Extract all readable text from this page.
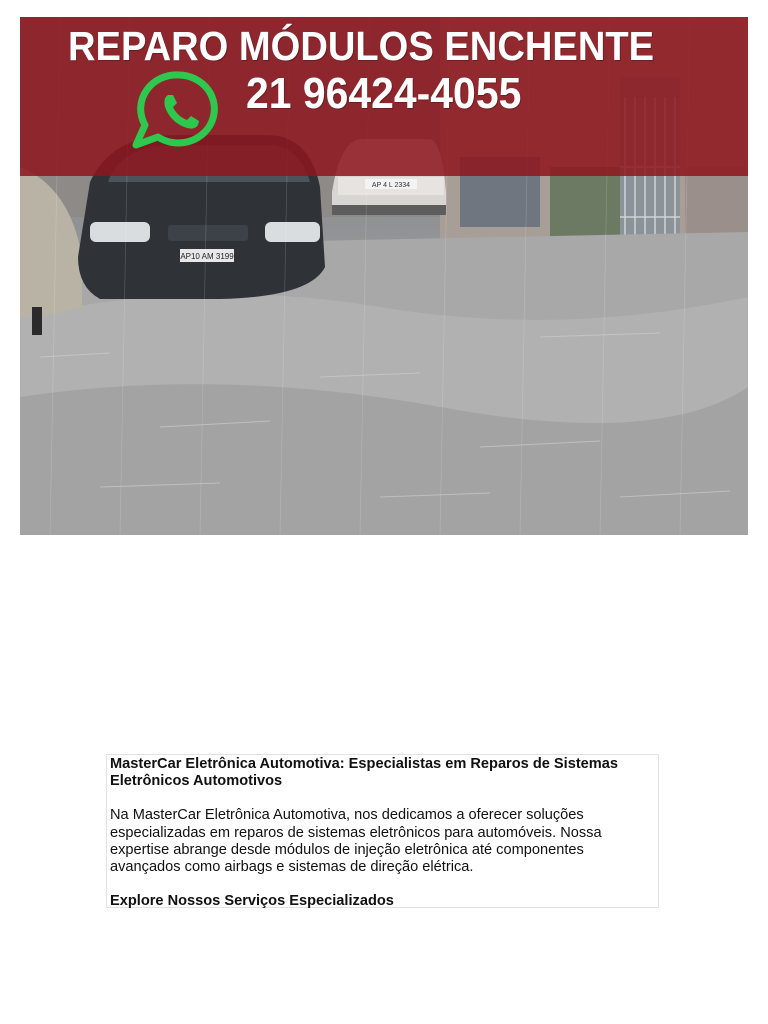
AP10 AM 3199
AP 4 L 2334
REPARO MÓDULOS ENCHENTE
21 96424-4055

MasterCar Eletrônica Automotiva: Especialistas em Reparos de Sistemas Eletrônicos Automotivos

Na MasterCar Eletrônica Automotiva, nos dedicamos a oferecer soluções especializadas em reparos de sistemas eletrônicos para automóveis. Nossa expertise abrange desde módulos de injeção eletrônica até componentes avançados como airbags e sistemas de direção elétrica.

Explore Nossos Serviços Especializados
